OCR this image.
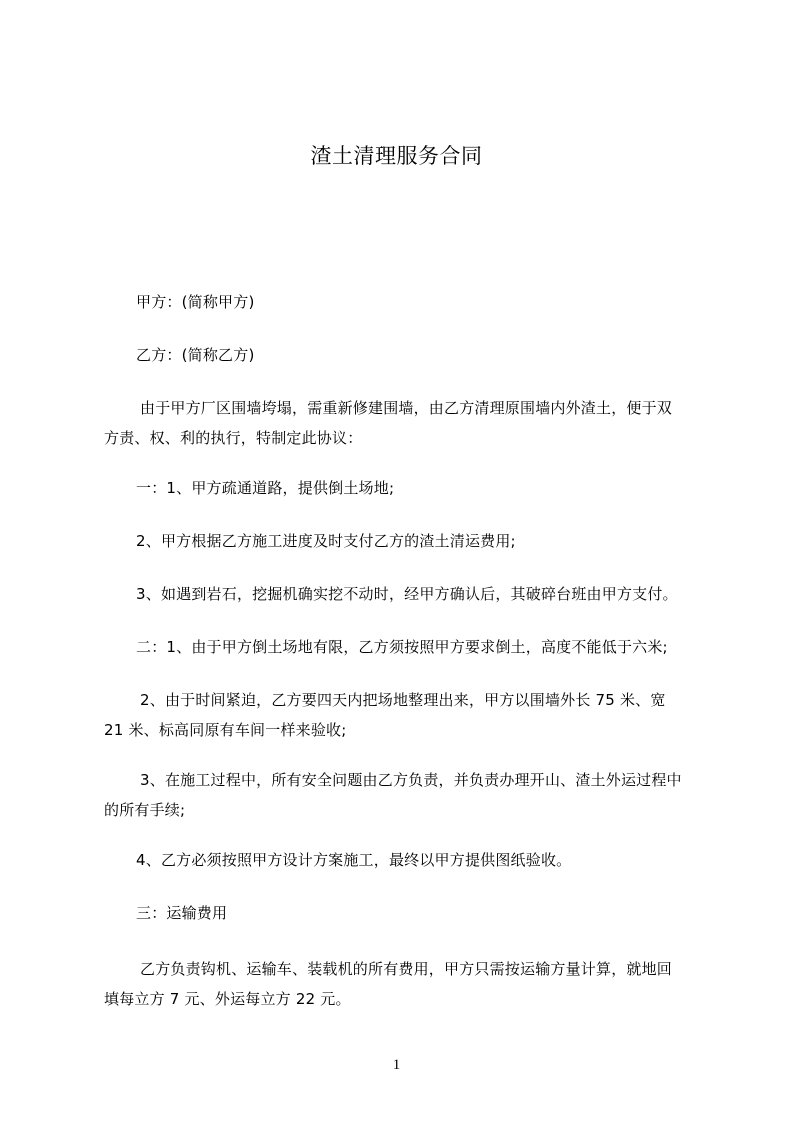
渣土清理服务合同
甲方：(简称甲方)
乙方：(简称乙方)
由于甲方厂区围墙垮塌，需重新修建围墙，由乙方清理原围墙内外渣土，便于双
方责、权、利的执行，特制定此协议：
一：1、甲方疏通道路，提供倒土场地;
2、甲方根据乙方施工进度及时支付乙方的渣土清运费用;
3、如遇到岩石，挖掘机确实挖不动时，经甲方确认后，其破碎台班由甲方支付。
二：1、由于甲方倒土场地有限，乙方须按照甲方要求倒土，高度不能低于六米;
2、由于时间紧迫，乙方要四天内把场地整理出来，甲方以围墙外长 75 米、宽
21 米、标高同原有车间一样来验收;
3、在施工过程中，所有安全问题由乙方负责，并负责办理开山、渣土外运过程中
的所有手续;
4、乙方必须按照甲方设计方案施工，最终以甲方提供图纸验收。
三：运输费用
乙方负责钩机、运输车、装载机的所有费用，甲方只需按运输方量计算，就地回
填每立方 7 元、外运每立方 22 元。
1
